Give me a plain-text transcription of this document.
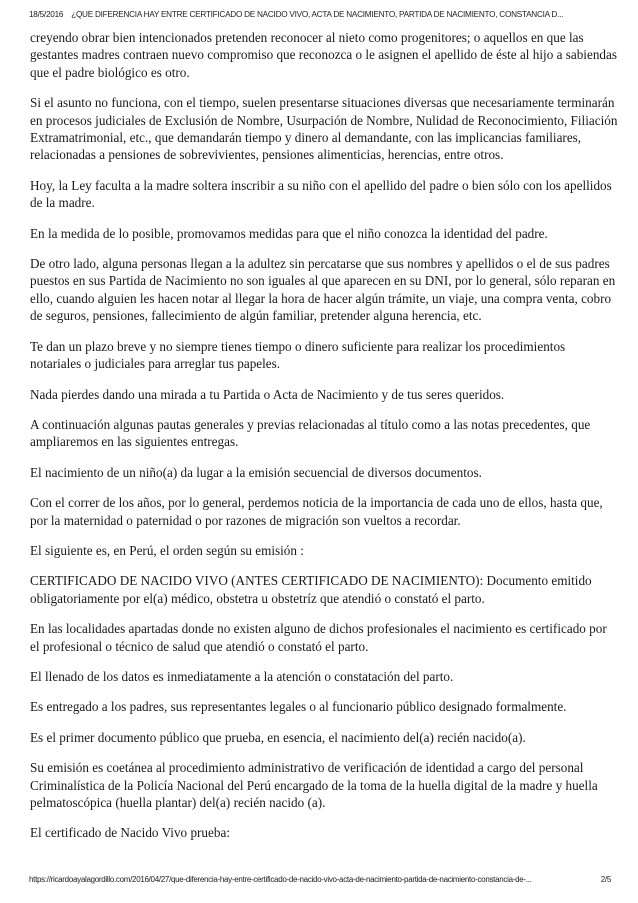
18/5/2016 ¿QUE DIFERENCIA HAY ENTRE CERTIFICADO DE NACIDO VIVO, ACTA DE NACIMIENTO, PARTIDA DE NACIMIENTO, CONSTANCIA D...

creyendo obrar bien intencionados pretenden reconocer al nieto como progenitores; o aquellos en que las gestantes madres contraen nuevo compromiso que reconozca o le asignen el apellido de éste al hijo a sabiendas que el padre biológico es otro.

Si el asunto no funciona, con el tiempo, suelen presentarse situaciones diversas que necesariamente terminarán en procesos judiciales de Exclusión de Nombre, Usurpación de Nombre, Nulidad de Reconocimiento, Filiación Extramatrimonial, etc., que demandarán tiempo y dinero al demandante, con las implicancias familiares, relacionadas a pensiones de sobrevivientes, pensiones alimenticias, herencias, entre otros.

Hoy, la Ley faculta a la madre soltera inscribir a su niño con el apellido del padre o bien sólo con los apellidos de la madre.

En la medida de lo posible, promovamos medidas para que el niño conozca la identidad del padre.

De otro lado, alguna personas llegan a la adultez sin percatarse que sus nombres y apellidos o el de sus padres puestos en sus Partida de Nacimiento no son iguales al que aparecen en su DNI, por lo general, sólo reparan en ello, cuando alguien les hacen notar al llegar la hora de hacer algún trámite, un viaje, una compra venta, cobro de seguros, pensiones, fallecimiento de algún familiar, pretender alguna herencia, etc.

Te dan un plazo breve y no siempre tienes tiempo o dinero suficiente para realizar los procedimientos notariales o judiciales para arreglar tus papeles.

Nada pierdes dando una mirada a tu Partida o Acta de Nacimiento y de tus seres queridos.

A continuación algunas pautas generales y previas relacionadas al título como a las notas precedentes, que ampliaremos en las siguientes entregas.

El nacimiento de un niño(a) da lugar a la emisión secuencial de diversos documentos.

Con el correr de los años, por lo general, perdemos noticia de la importancia de cada uno de ellos, hasta que, por la maternidad o paternidad o por razones de migración son vueltos a recordar.

El siguiente es, en Perú, el orden según su emisión :

CERTIFICADO DE NACIDO VIVO (ANTES CERTIFICADO DE NACIMIENTO): Documento emitido obligatoriamente por el(a) médico, obstetra u obstetríz que atendió o constató el parto.

En las localidades apartadas donde no existen alguno de dichos profesionales el nacimiento es certificado por el profesional o técnico de salud que atendió o constató el parto.

El llenado de los datos es inmediatamente a la atención o constatación del parto.

Es entregado a los padres, sus representantes legales o al funcionario público designado formalmente.

Es el primer documento público que prueba, en esencia, el nacimiento del(a) recién nacido(a).

Su emisión es coetánea al procedimiento administrativo de verificación de identidad a cargo del personal Criminalística de la Policía Nacional del Perú encargado de la toma de la huella digital de la madre y huella pelmatoscópica (huella plantar) del(a) recién nacido (a).

El certificado de Nacido Vivo prueba:

https://ricardoayalagordillo.com/2016/04/27/que-diferencia-hay-entre-certificado-de-nacido-vivo-acta-de-nacimiento-partida-de-nacimiento-constancia-de-...	2/5
